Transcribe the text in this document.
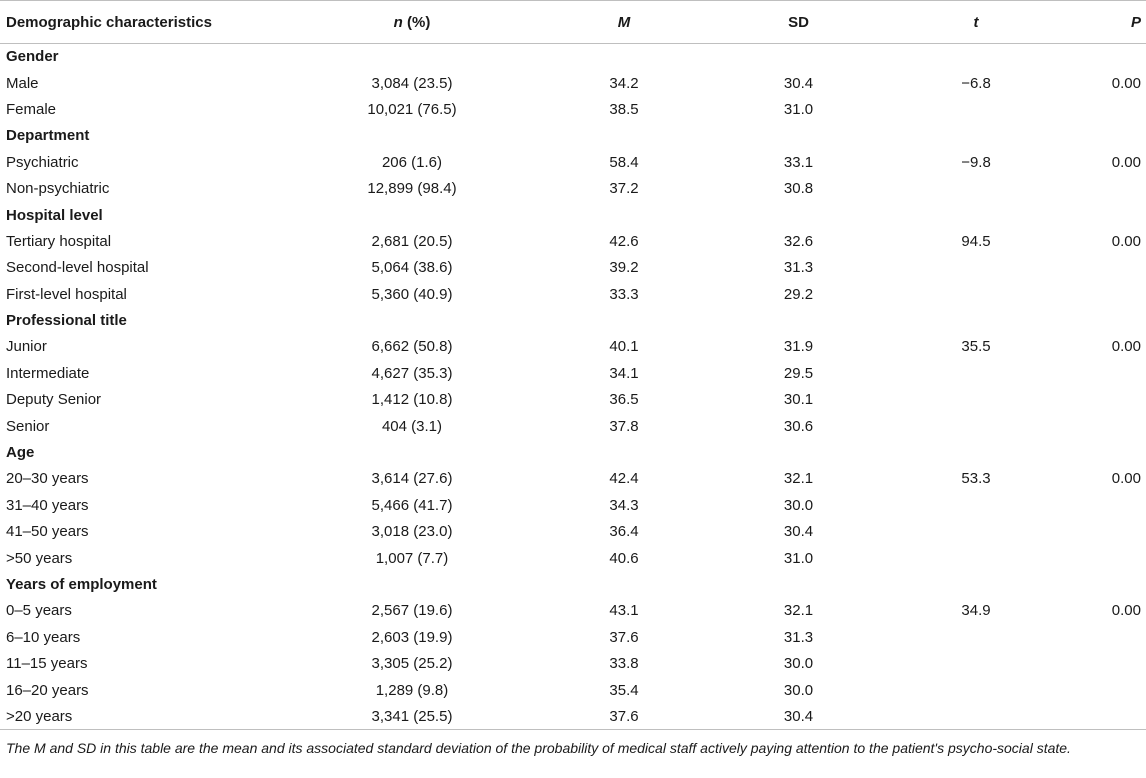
Demographic characteristics	n (%)	M	SD	t	P
Gender					
Male	3,084 (23.5)	34.2	30.4	−6.8	0.00
Female	10,021 (76.5)	38.5	31.0		
Department					
Psychiatric	206 (1.6)	58.4	33.1	−9.8	0.00
Non-psychiatric	12,899 (98.4)	37.2	30.8		
Hospital level					
Tertiary hospital	2,681 (20.5)	42.6	32.6	94.5	0.00
Second-level hospital	5,064 (38.6)	39.2	31.3		
First-level hospital	5,360 (40.9)	33.3	29.2		
Professional title					
Junior	6,662 (50.8)	40.1	31.9	35.5	0.00
Intermediate	4,627 (35.3)	34.1	29.5		
Deputy Senior	1,412 (10.8)	36.5	30.1		
Senior	404 (3.1)	37.8	30.6		
Age					
20–30 years	3,614 (27.6)	42.4	32.1	53.3	0.00
31–40 years	5,466 (41.7)	34.3	30.0		
41–50 years	3,018 (23.0)	36.4	30.4		
>50 years	1,007 (7.7)	40.6	31.0		
Years of employment					
0–5 years	2,567 (19.6)	43.1	32.1	34.9	0.00
6–10 years	2,603 (19.9)	37.6	31.3		
11–15 years	3,305 (25.2)	33.8	30.0		
16–20 years	1,289 (9.8)	35.4	30.0		
>20 years	3,341 (25.5)	37.6	30.4		
The M and SD in this table are the mean and its associated standard deviation of the probability of medical staff actively paying attention to the patient's psycho-social state.
